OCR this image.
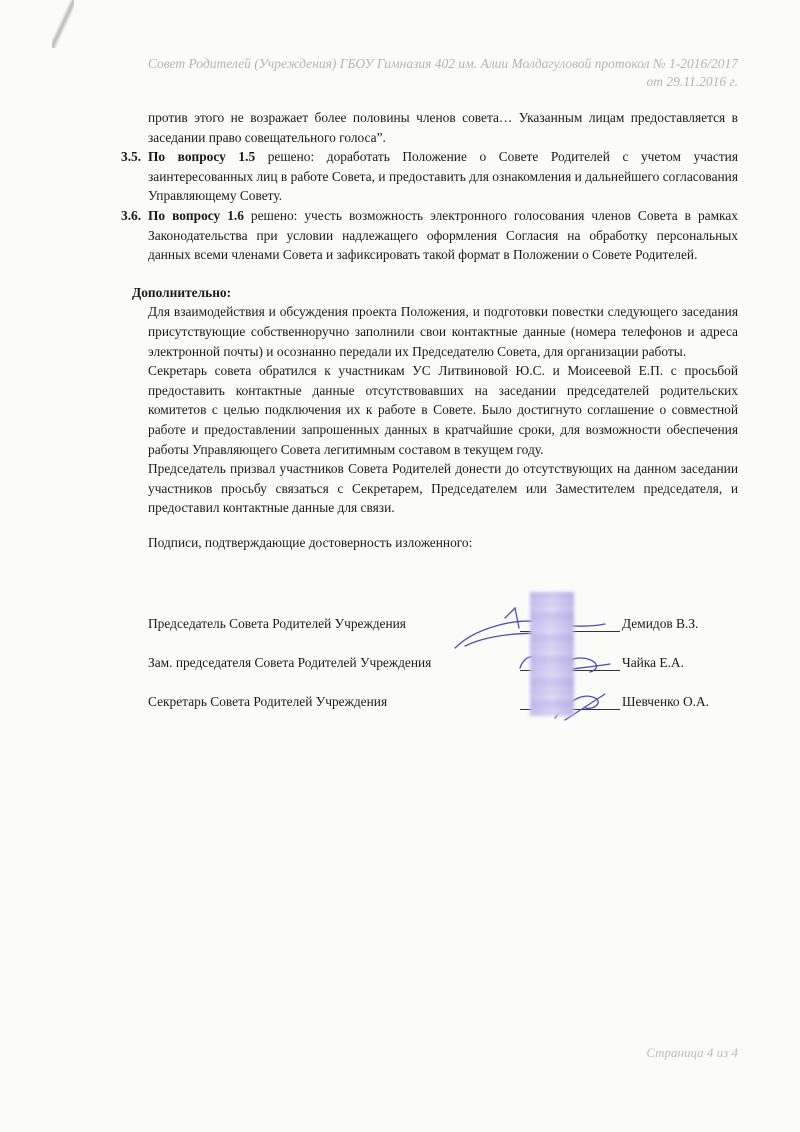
Совет Родителей (Учреждения) ГБОУ Гимназия 402 им. Алии Молдагуловой протокол № 1-2016/2017
от 29.11.2016 г.

против этого не возражает более половины членов совета… Указанным лицам предоставляется в заседании право совещательного голоса”.

3.5. По вопросу 1.5 решено: доработать Положение о Совете Родителей с учетом участия заинтересованных лиц в работе Совета, и предоставить для ознакомления и дальнейшего согласования Управляющему Совету.

3.6. По вопросу 1.6 решено: учесть возможность электронного голосования членов Совета в рамках Законодательства при условии надлежащего оформления Согласия на обработку персональных данных всеми членами Совета и зафиксировать такой формат в Положении о Совете Родителей.

Дополнительно:

Для взаимодействия и обсуждения проекта Положения, и подготовки повестки следующего заседания присутствующие собственноручно заполнили свои контактные данные (номера телефонов и адреса электронной почты) и осознанно передали их Председателю Совета, для организации работы.

Секретарь совета обратился к участникам УС Литвиновой Ю.С. и Моисеевой Е.П. с просьбой предоставить контактные данные отсутствовавших на заседании председателей родительских комитетов с целью подключения их к работе в Совете. Было достигнуто соглашение о совместной работе и предоставлении запрошенных данных в кратчайшие сроки, для возможности обеспечения работы Управляющего Совета легитимным составом в текущем году.

Председатель призвал участников Совета Родителей донести до отсутствующих на данном заседании участников просьбу связаться с Секретарем, Председателем или Заместителем председателя, и предоставил контактные данные для связи.

Подписи, подтверждающие достоверность изложенного:

Председатель Совета Родителей Учреждения	Демидов В.З.
Зам. председателя Совета Родителей Учреждения	Чайка Е.А.
Секретарь Совета Родителей Учреждения	Шевченко О.А.
Страница 4 из 4
